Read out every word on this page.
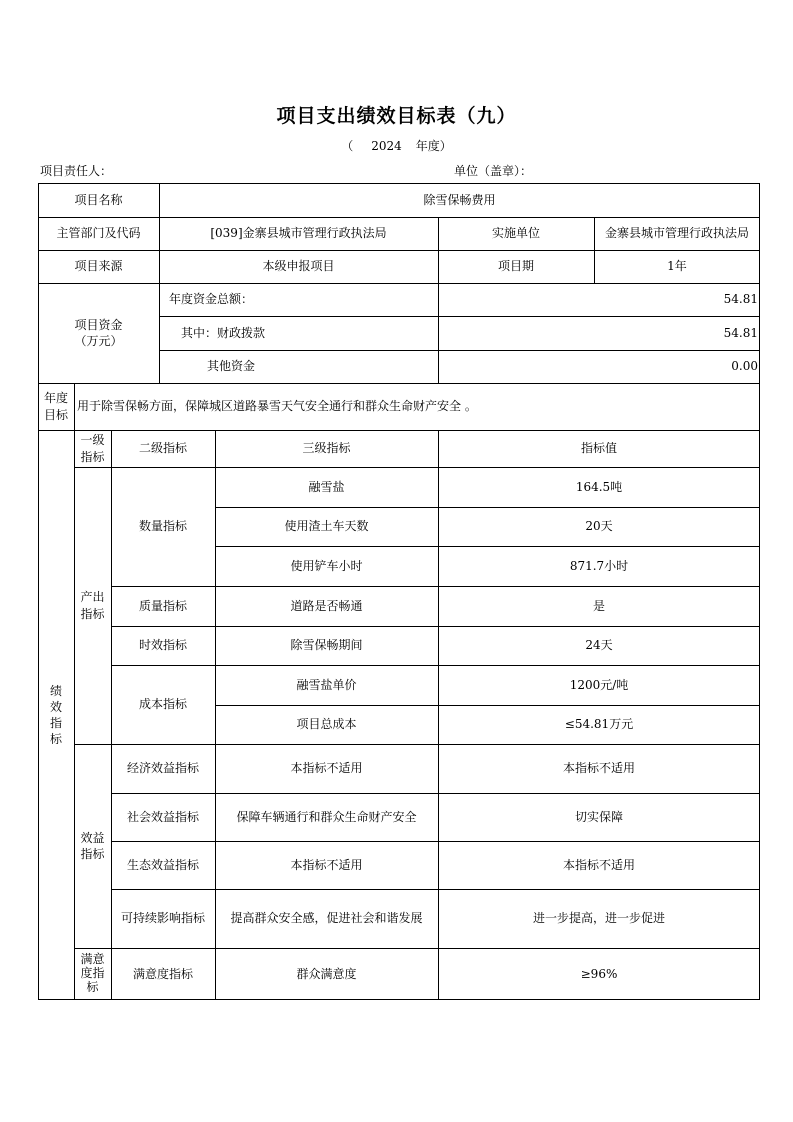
项目支出绩效目标表（九）
（ 2024 年度）
项目责任人：	单位（盖章）：
项目名称	除雪保畅费用
主管部门及代码	[039]金寨县城市管理行政执法局	实施单位	金寨县城市管理行政执法局
项目来源	本级申报项目	项目期	1年
项目资金
（万元）
年度资金总额：	54.81
其中：财政拨款	54.81
其他资金	0.00
年度
目标
用于除雪保畅方面，保障城区道路暴雪天气安全通行和群众生命财产安全 。
绩
效
指
标
一级
指标
二级指标	三级指标	指标值
产出
指标
数量指标
融雪盐	164.5吨
使用渣土车天数	20天
使用铲车小时	871.7小时
质量指标	道路是否畅通	是
时效指标	除雪保畅期间	24天
成本指标
融雪盐单价	1200元/吨
项目总成本	≤54.81万元
效益
指标
经济效益指标	本指标不适用	本指标不适用
社会效益指标	保障车辆通行和群众生命财产安全	切实保障
生态效益指标	本指标不适用	本指标不适用
可持续影响指标	提高群众安全感，促进社会和谐发展	进一步提高，进一步促进
满意
度指
标
满意度指标	群众满意度	≥96%
